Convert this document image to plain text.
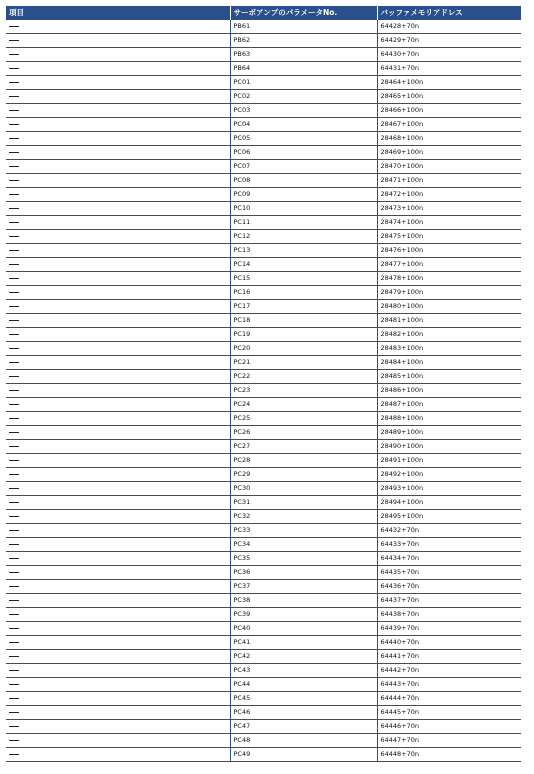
項目	サーボアンプのパラメータNo.	バッファメモリアドレス
	PB61	64428+70n
	PB62	64429+70n
	PB63	64430+70n
	PB64	64431+70n
	PC01	28464+100n
	PC02	28465+100n
	PC03	28466+100n
	PC04	28467+100n
	PC05	28468+100n
	PC06	28469+100n
	PC07	28470+100n
	PC08	28471+100n
	PC09	28472+100n
	PC10	28473+100n
	PC11	28474+100n
	PC12	28475+100n
	PC13	28476+100n
	PC14	28477+100n
	PC15	28478+100n
	PC16	28479+100n
	PC17	28480+100n
	PC18	28481+100n
	PC19	28482+100n
	PC20	28483+100n
	PC21	28484+100n
	PC22	28485+100n
	PC23	28486+100n
	PC24	28487+100n
	PC25	28488+100n
	PC26	28489+100n
	PC27	28490+100n
	PC28	28491+100n
	PC29	28492+100n
	PC30	28493+100n
	PC31	28494+100n
	PC32	28495+100n
	PC33	64432+70n
	PC34	64433+70n
	PC35	64434+70n
	PC36	64435+70n
	PC37	64436+70n
	PC38	64437+70n
	PC39	64438+70n
	PC40	64439+70n
	PC41	64440+70n
	PC42	64441+70n
	PC43	64442+70n
	PC44	64443+70n
	PC45	64444+70n
	PC46	64445+70n
	PC47	64446+70n
	PC48	64447+70n
	PC49	64448+70n
